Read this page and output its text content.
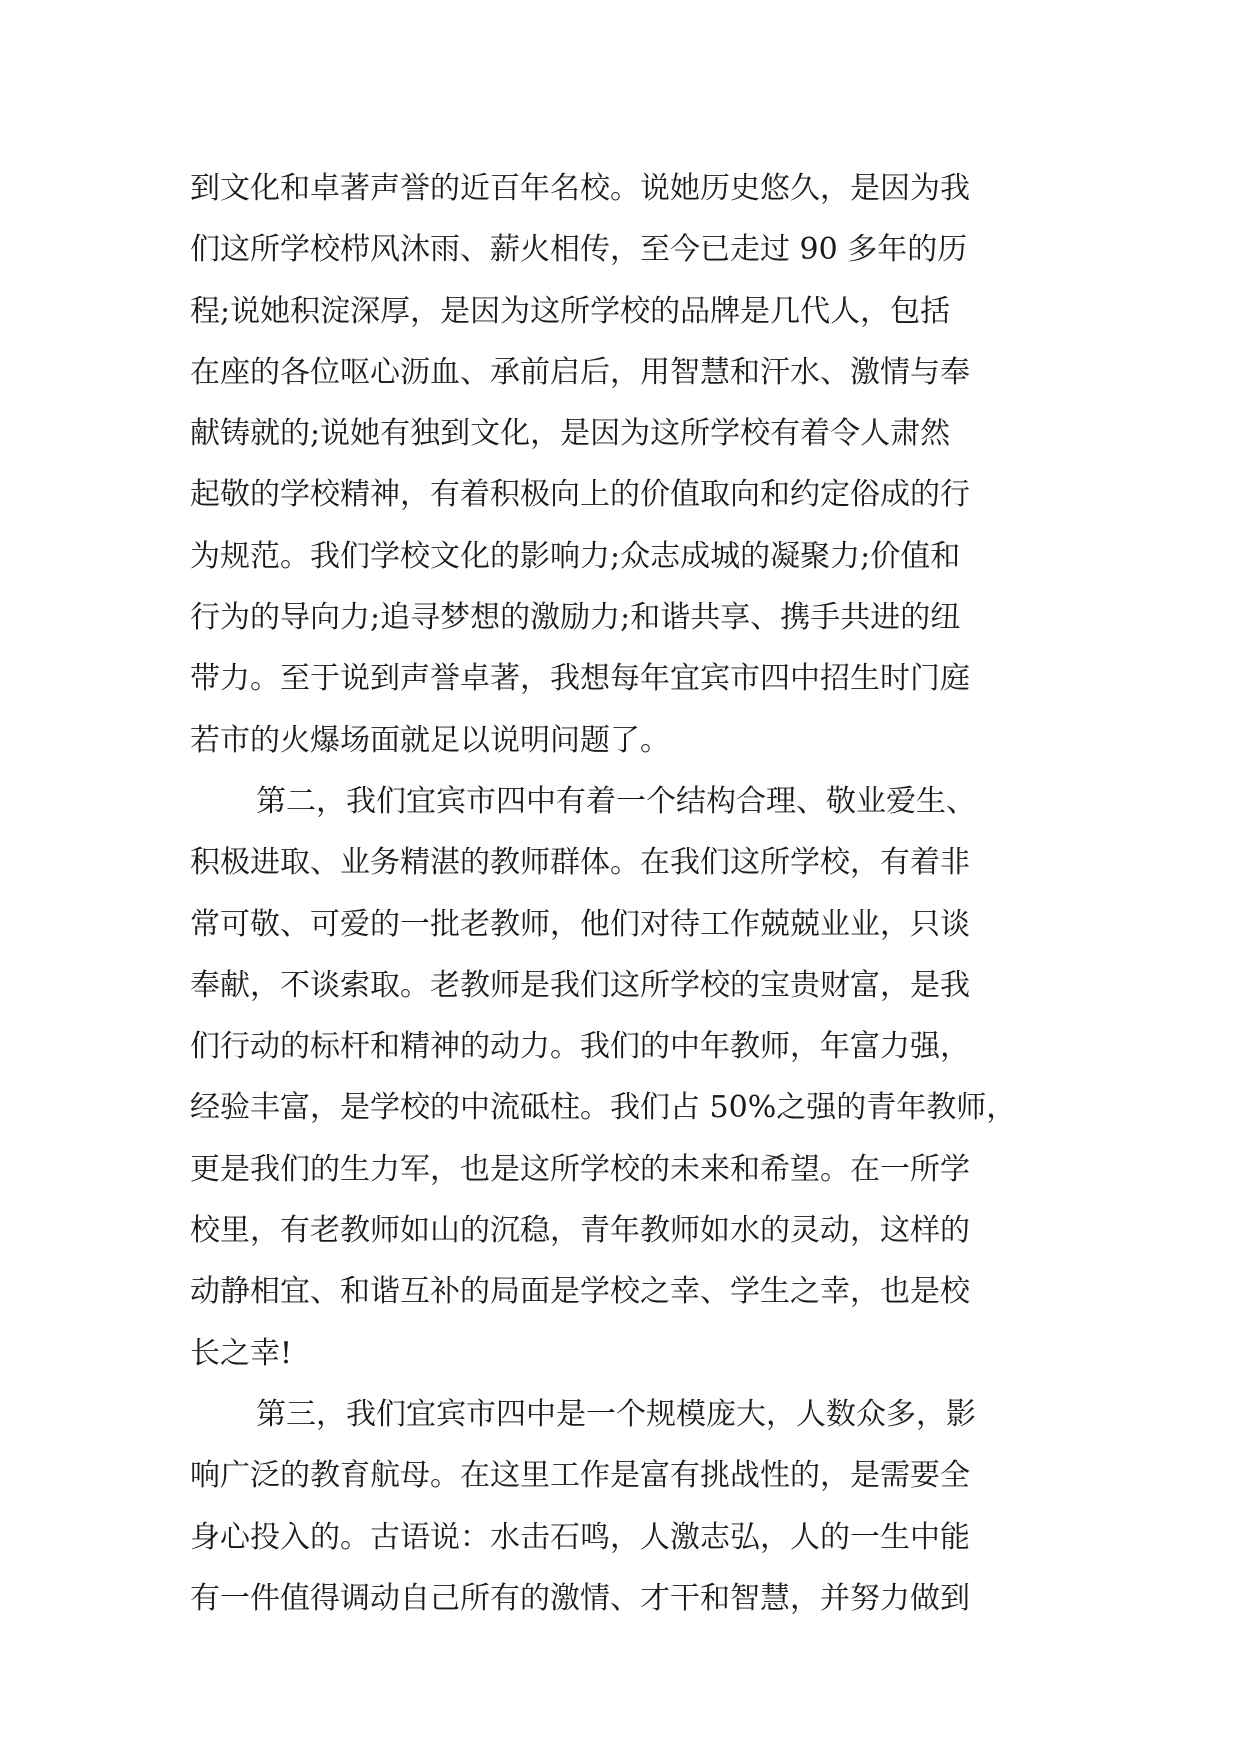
到文化和卓著声誉的近百年名校。说她历史悠久，是因为我
们这所学校栉风沐雨、薪火相传，至今已走过 90 多年的历
程;说她积淀深厚，是因为这所学校的品牌是几代人，包括
在座的各位呕心沥血、承前启后，用智慧和汗水、激情与奉
献铸就的;说她有独到文化，是因为这所学校有着令人肃然
起敬的学校精神，有着积极向上的价值取向和约定俗成的行
为规范。我们学校文化的影响力;众志成城的凝聚力;价值和
行为的导向力;追寻梦想的激励力;和谐共享、携手共进的纽
带力。至于说到声誉卓著，我想每年宜宾市四中招生时门庭
若市的火爆场面就足以说明问题了。
第二，我们宜宾市四中有着一个结构合理、敬业爱生、
积极进取、业务精湛的教师群体。在我们这所学校，有着非
常可敬、可爱的一批老教师，他们对待工作兢兢业业，只谈
奉献，不谈索取。老教师是我们这所学校的宝贵财富，是我
们行动的标杆和精神的动力。我们的中年教师，年富力强，
经验丰富，是学校的中流砥柱。我们占 50%之强的青年教师，
更是我们的生力军，也是这所学校的未来和希望。在一所学
校里，有老教师如山的沉稳，青年教师如水的灵动，这样的
动静相宜、和谐互补的局面是学校之幸、学生之幸，也是校
长之幸!
第三，我们宜宾市四中是一个规模庞大，人数众多，影
响广泛的教育航母。在这里工作是富有挑战性的，是需要全
身心投入的。古语说：水击石鸣，人激志弘，人的一生中能
有一件值得调动自己所有的激情、才干和智慧，并努力做到
